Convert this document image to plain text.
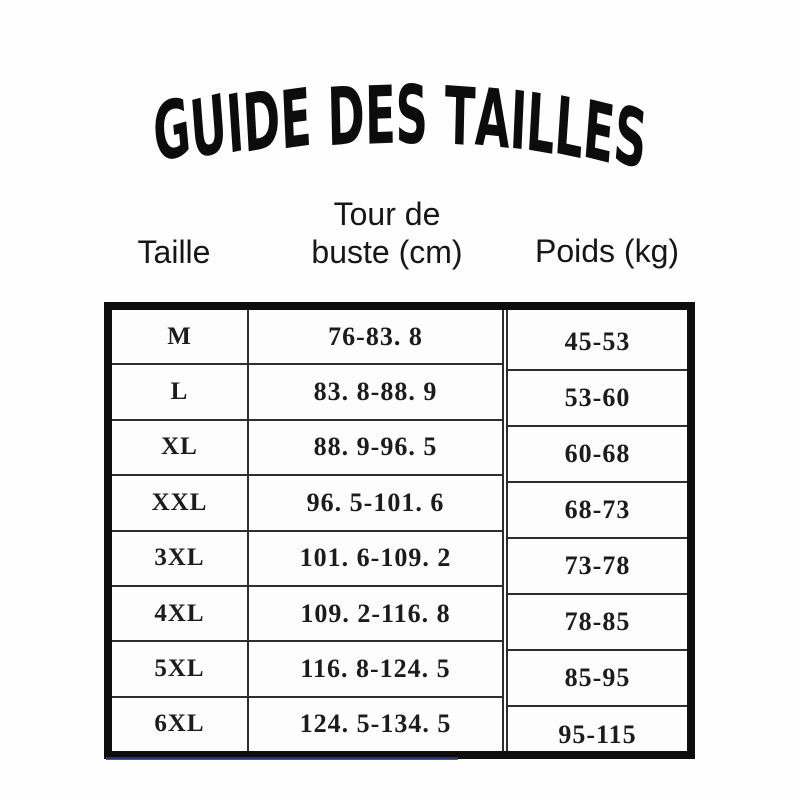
G
U
I
D
E D
E S T
A
I
L
L
E
S
Taille
Tour de
buste (cm) Poids (kg)
M
L
XL
XXL
3XL
4XL
5XL
6XL
76-83. 8
83. 8-88. 9
88. 9-96. 5
96. 5-101. 6
101. 6-109. 2
109. 2-116. 8
116. 8-124. 5
124. 5-134. 5
45-53
53-60
60-68
68-73
73-78
78-85
85-95
95-115
